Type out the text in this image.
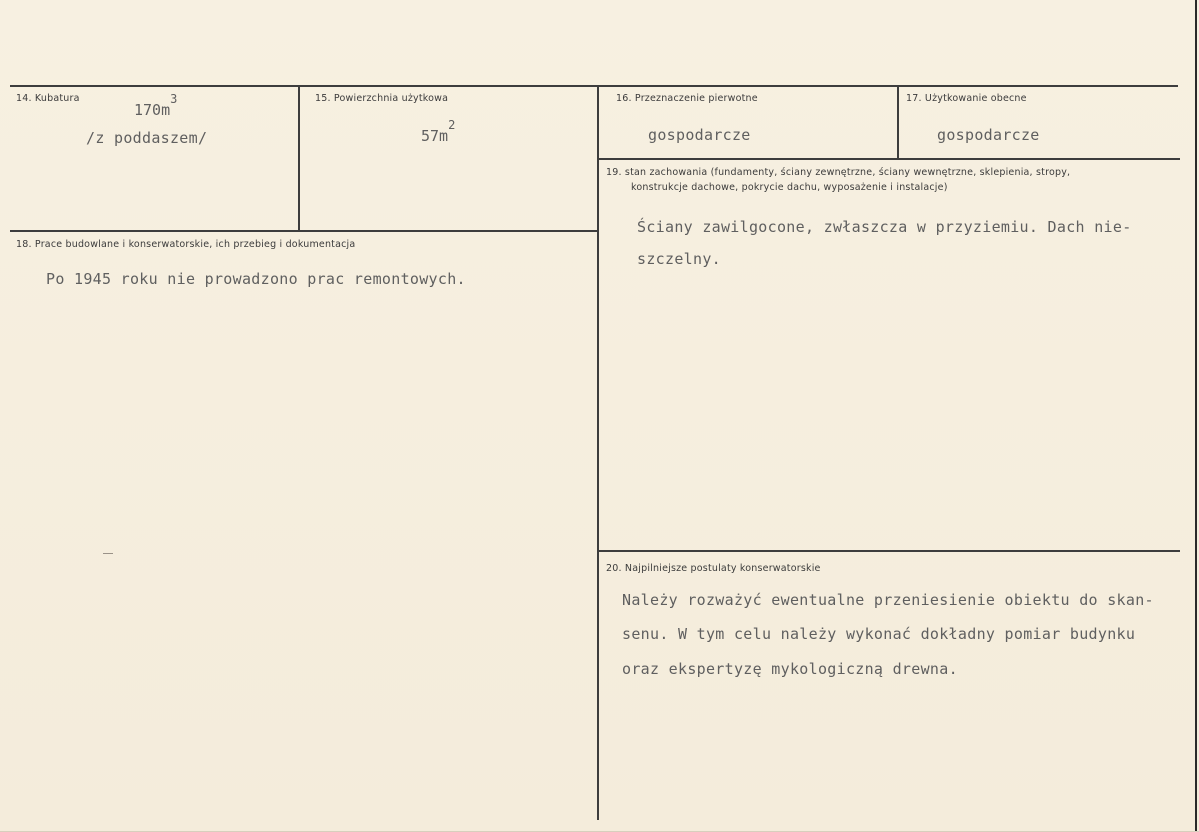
14. Kubatura
$170m^3$
/z poddaszem/
15. Powierzchnia użytkowa
$57m^2$
16. Przeznaczenie pierwotne
gospodarcze
17. Użytkowanie obecne
gospodarcze
18. Prace budowlane i konserwatorskie, ich przebieg i dokumentacja
Po 1945 roku nie prowadzono prac remontowych.
19. stan zachowania (fundamenty, ściany zewnętrzne, ściany wewnętrzne, sklepienia, stropy,
konstrukcje dachowe, pokrycie dachu, wyposażenie i instalacje)
Ściany zawilgocone, zwłaszcza w przyziemiu. Dach nie-
szczelny.
20. Najpilniejsze postulaty konserwatorskie
Należy rozważyć ewentualne przeniesienie obiektu do skan-
senu. W tym celu należy wykonać dokładny pomiar budynku
oraz ekspertyzę mykologiczną drewna.
